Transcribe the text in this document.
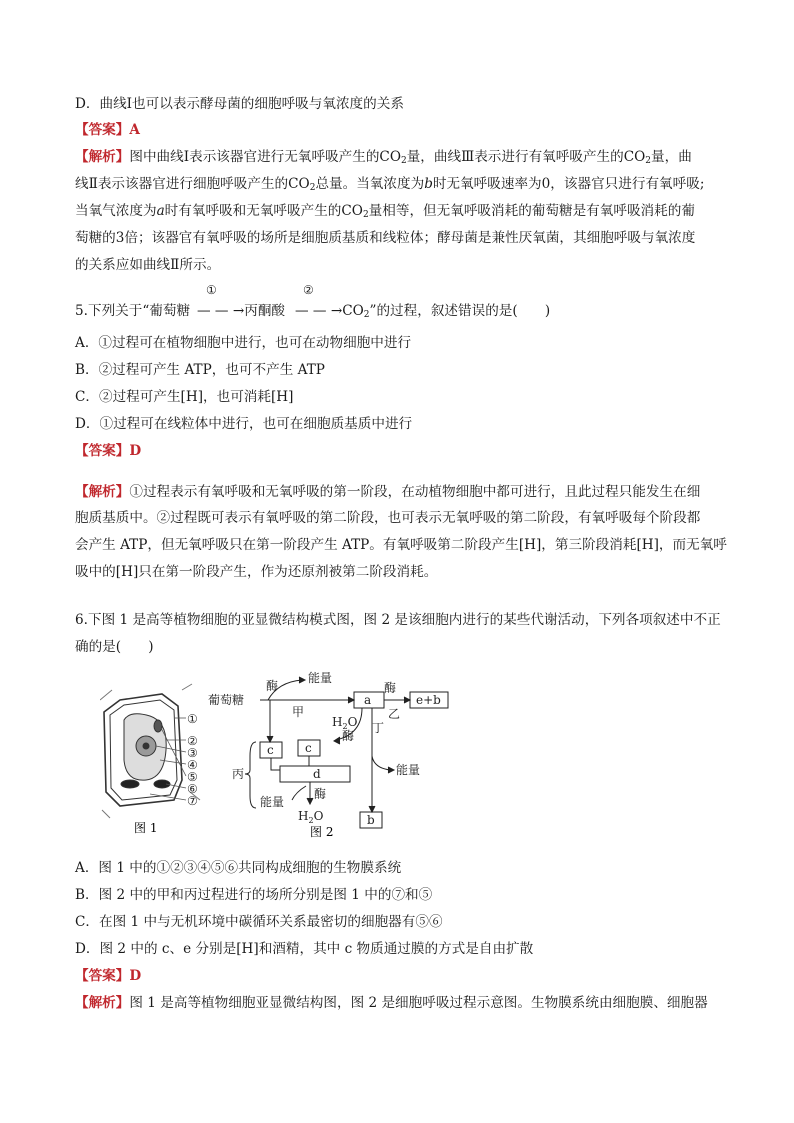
D．曲线Ⅰ也可以表示酵母菌的细胞呼吸与氧浓度的关系
【答案】A
【解析】图中曲线Ⅰ表示该器官进行无氧呼吸产生的$CO_2$量，曲线Ⅲ表示进行有氧呼吸产生的$CO_2$量，曲
线Ⅱ表示该器官进行细胞呼吸产生的$CO_2$总量。当氧浓度为b时无氧呼吸速率为0，该器官只进行有氧呼吸;
当氧气浓度为a时有氧呼吸和无氧呼吸产生的$CO_2$量相等，但无氧呼吸消耗的葡萄糖是有氧呼吸消耗的葡
萄糖的3倍；该器官有氧呼吸的场所是细胞质基质和线粒体；酵母菌是兼性厌氧菌，其细胞呼吸与氧浓度
的关系应如曲线Ⅱ所示。
5.下列关于“葡萄糖
①
— — →丙酮酸
②
— — $\to CO_2$”的过程，叙述错误的是(　　)
A．①过程可在植物细胞中进行，也可在动物细胞中进行
B．②过程可产生 ATP，也可不产生 ATP
C．②过程可产生[H]，也可消耗[H]
D．①过程可在线粒体中进行，也可在细胞质基质中进行
【答案】D
【解析】①过程表示有氧呼吸和无氧呼吸的第一阶段，在动植物细胞中都可进行，且此过程只能发生在细
胞质基质中。②过程既可表示有氧呼吸的第二阶段，也可表示无氧呼吸的第二阶段，有氧呼吸每个阶段都
会产生 ATP，但无氧呼吸只在第一阶段产生 ATP。有氧呼吸第二阶段产生[H]，第三阶段消耗[H]，而无氧呼
吸中的[H]只在第一阶段产生，作为还原剂被第二阶段消耗。
6.下图 1 是高等植物细胞的亚显微结构模式图，图 2 是该细胞内进行的某些代谢活动，下列各项叙述中不正
确的是(　　)
①
②
③
④
⑤
⑥
⑦
图 1
葡萄糖
酶
能量
甲
a
酶
e+b
乙
$H_2O$
酶
丁
c	c
d	能量
丙
酶
能量
$H_2O$	b
图 2
A．图 1 中的①②③④⑤⑥共同构成细胞的生物膜系统
B．图 2 中的甲和丙过程进行的场所分别是图 1 中的⑦和⑤
C．在图 1 中与无机环境中碳循环关系最密切的细胞器有⑤⑥
D．图 2 中的 c、e 分别是[H]和酒精，其中 c 物质通过膜的方式是自由扩散
【答案】D
【解析】图 1 是高等植物细胞亚显微结构图，图 2 是细胞呼吸过程示意图。生物膜系统由细胞膜、细胞器
